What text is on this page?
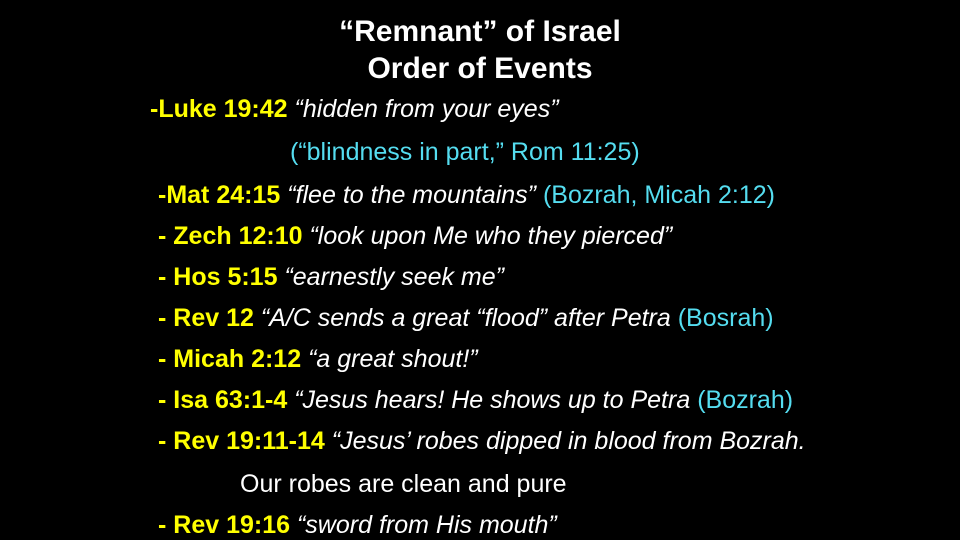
“Remnant” of Israel
Order of Events
-Luke 19:42 “hidden from your eyes”
(“blindness in part,” Rom 11:25)
-Mat 24:15 “flee to the mountains” (Bozrah, Micah 2:12)
- Zech 12:10 “look upon Me who they pierced”
- Hos 5:15 “earnestly seek me”
- Rev 12 “A/C sends a great “flood” after Petra (Bosrah)
- Micah 2:12 “a great shout!”
- Isa 63:1-4 “Jesus hears! He shows up to Petra (Bozrah)
- Rev 19:11-14 “Jesus’ robes dipped in blood from Bozrah.
Our robes are clean and pure
- Rev 19:16 “sword from His mouth”
